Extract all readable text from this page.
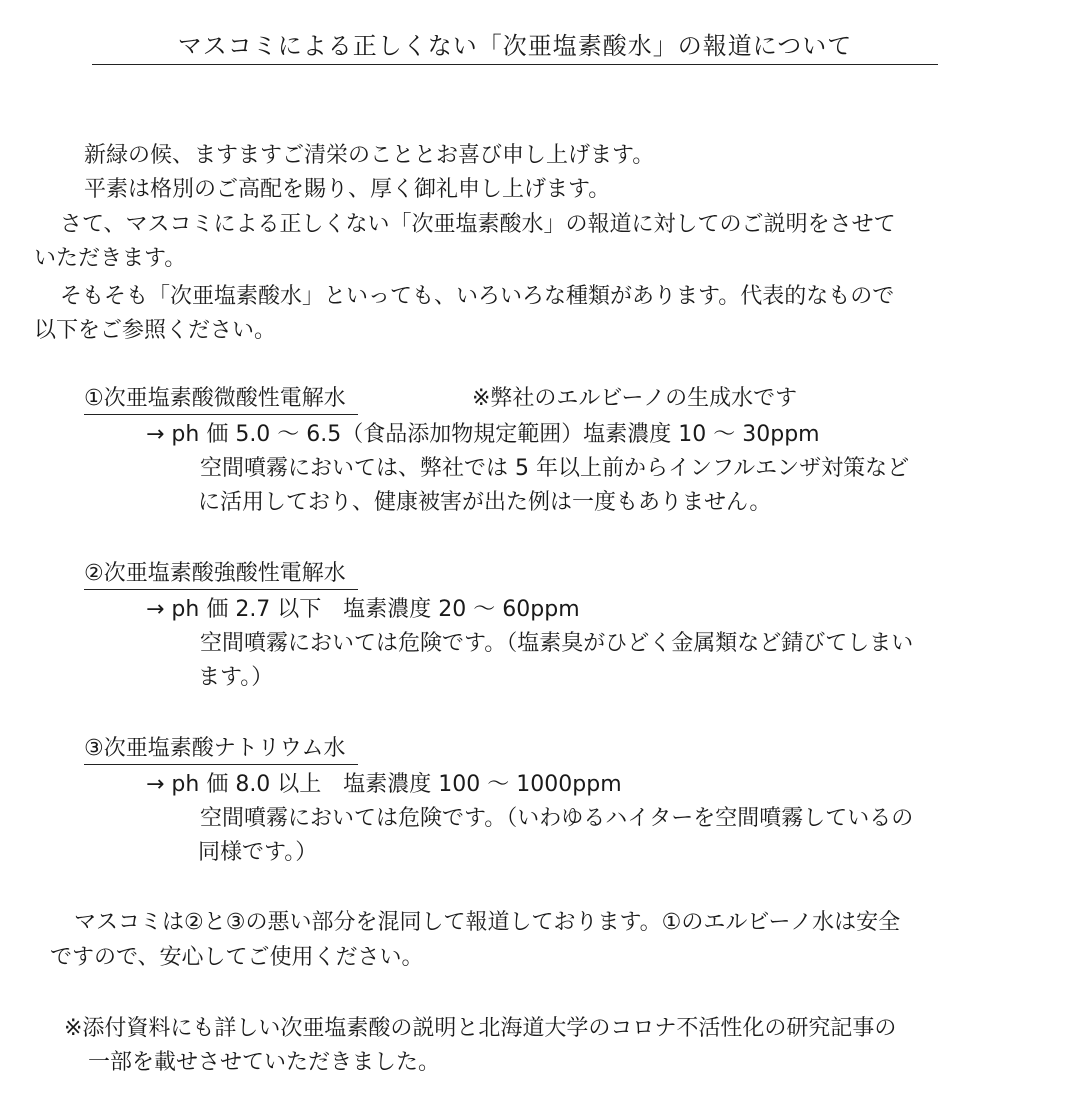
マスコミによる正しくない「次亜塩素酸水」の報道について
新緑の候、ますますご清栄のこととお喜び申し上げます。
平素は格別のご高配を賜り、厚く御礼申し上げます。
さて、マスコミによる正しくない「次亜塩素酸水」の報道に対してのご説明をさせて
いただきます。
そもそも「次亜塩素酸水」といっても、いろいろな種類があります。代表的なもので
以下をご参照ください。
①次亜塩素酸微酸性電解水	※弊社のエルビーノの生成水です
→ ph 価 5.0 〜 6.5（食品添加物規定範囲）塩素濃度 10 〜 30ppm
空間噴霧においては、弊社では 5 年以上前からインフルエンザ対策など
に活用しており、健康被害が出た例は一度もありません。
②次亜塩素酸強酸性電解水
→ ph 価 2.7 以下　塩素濃度 20 〜 60ppm
空間噴霧においては危険です。（塩素臭がひどく金属類など錆びてしまい
ます。）
③次亜塩素酸ナトリウム水
→ ph 価 8.0 以上　塩素濃度 100 〜 1000ppm
空間噴霧においては危険です。（いわゆるハイターを空間噴霧しているの
同様です。）
マスコミは②と③の悪い部分を混同して報道しております。①のエルビーノ水は安全
ですので、安心してご使用ください。
※添付資料にも詳しい次亜塩素酸の説明と北海道大学のコロナ不活性化の研究記事の
一部を載せさせていただきました。
